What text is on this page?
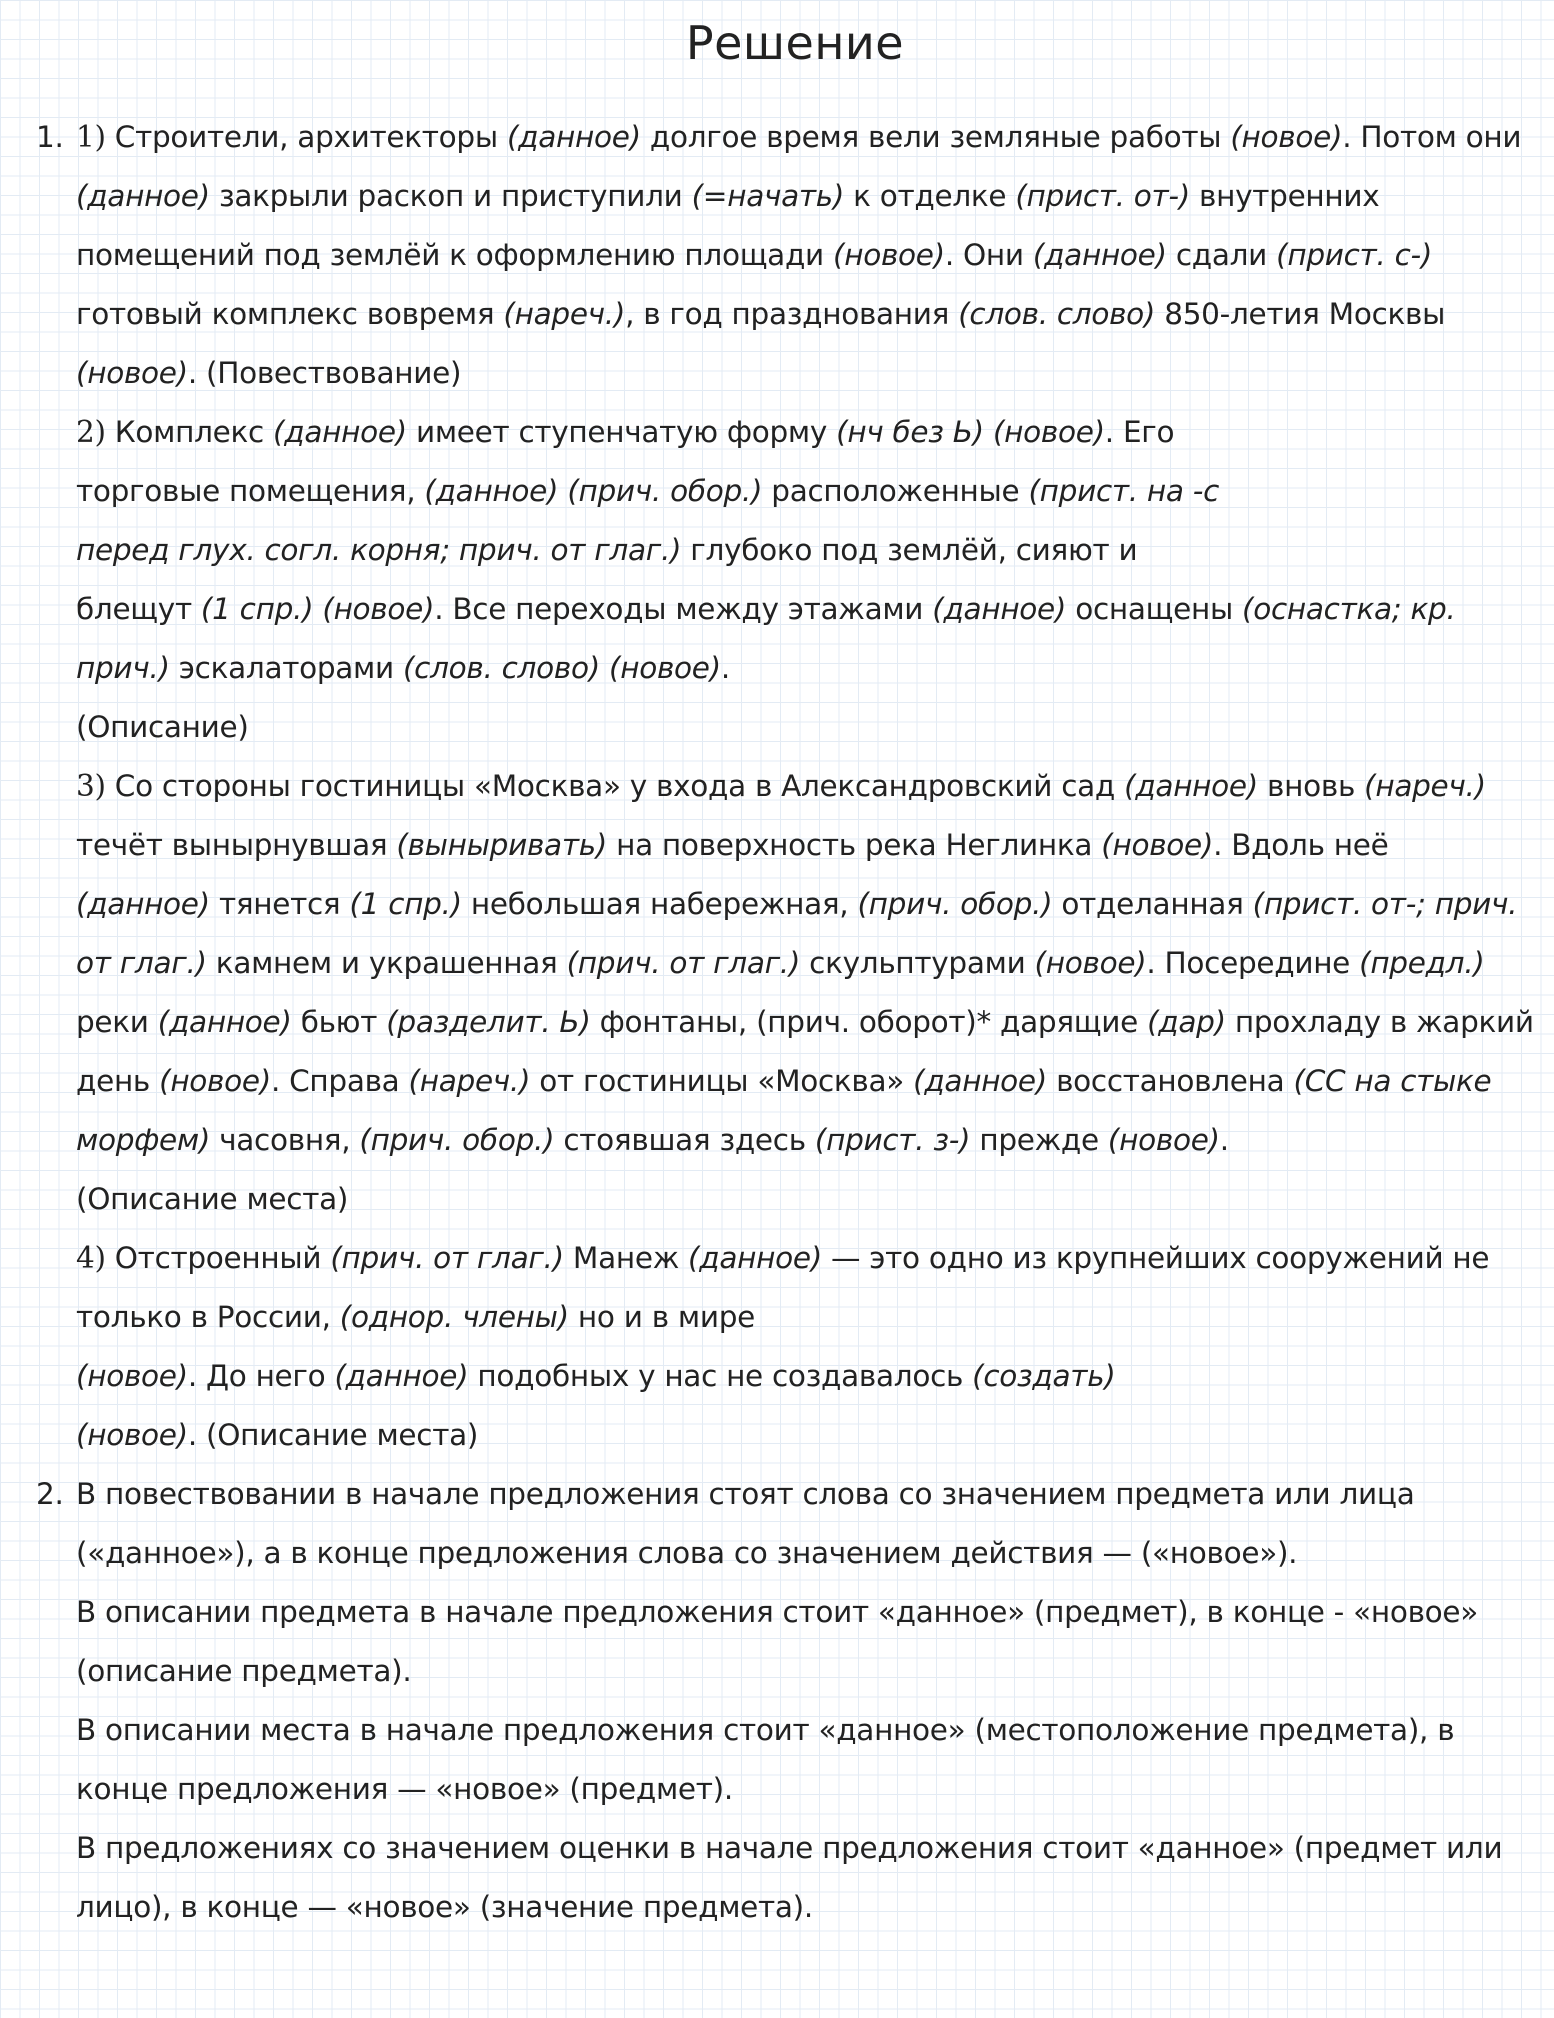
Решение
1. 1) Строители, архитекторы (данное) долгое время вели земляные работы (новое). Потом они
(данное) закрыли раскоп и приступили (=начать) к отделке (прист. от-) внутренних
помещений под землёй к оформлению площади (новое). Они (данное) сдали (прист. с-)
готовый комплекс вовремя (нареч.), в год празднования (слов. слово) 850-летия Москвы
(новое). (Повествование)
2) Комплекс (данное) имеет ступенчатую форму (нч без Ь) (новое). Его
торговые помещения, (данное) (прич. обор.) расположенные (прист. на -с
перед глух. согл. корня; прич. от глаг.) глубоко под землёй, сияют и
блещут (1 спр.) (новое). Все переходы между этажами (данное) оснащены (оснастка; кр.
прич.) эскалаторами (слов. слово) (новое).
(Описание)
3) Со стороны гостиницы «Москва» у входа в Александровский сад (данное) вновь (нареч.)
течёт вынырнувшая (выныривать) на поверхность река Неглинка (новое). Вдоль неё
(данное) тянется (1 спр.) небольшая набережная, (прич. обор.) отделанная (прист. от-; прич.
от глаг.) камнем и украшенная (прич. от глаг.) скульптурами (новое). Посередине (предл.)
реки (данное) бьют (разделит. Ь) фонтаны, (прич. оборот)* дарящие (дар) прохладу в жаркий
день (новое). Справа (нареч.) от гостиницы «Москва» (данное) восстановлена (СС на стыке
морфем) часовня, (прич. обор.) стоявшая здесь (прист. з-) прежде (новое).
(Описание места)
4) Отстроенный (прич. от глаг.) Манеж (данное) — это одно из крупнейших сооружений не
только в России, (однор. члены) но и в мире
(новое). До него (данное) подобных у нас не создавалось (создать)
(новое). (Описание места)
2. В повествовании в начале предложения стоят слова со значением предмета или лица
(«данное»), а в конце предложения слова со значением действия — («новое»).
В описании предмета в начале предложения стоит «данное» (предмет), в конце - «новое»
(описание предмета).
В описании места в начале предложения стоит «данное» (местоположение предмета), в
конце предложения — «новое» (предмет).
В предложениях со значением оценки в начале предложения стоит «данное» (предмет или
лицо), в конце — «новое» (значение предмета).
